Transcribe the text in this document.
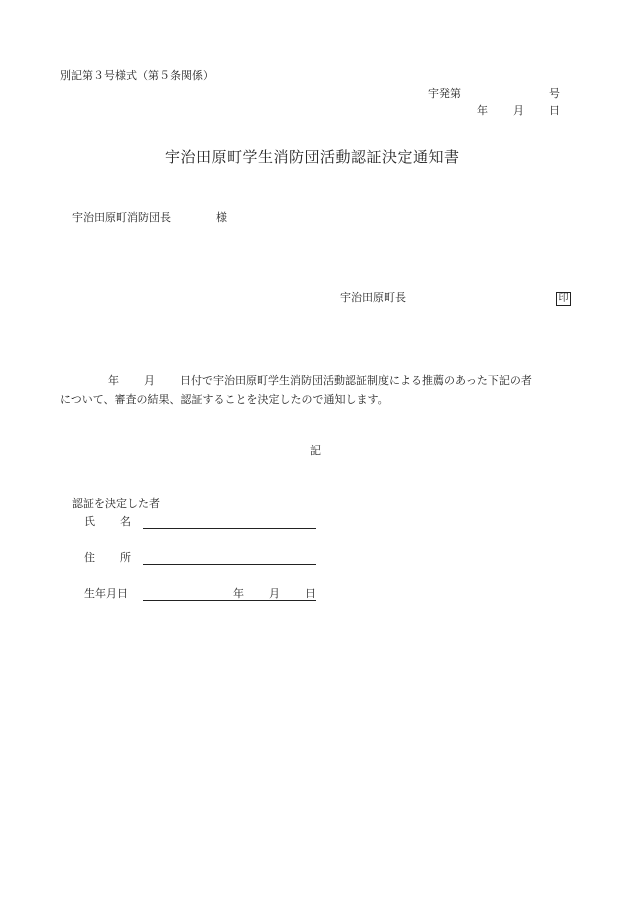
別記第３号様式（第５条関係）
宇発第	号
年 月 日
宇治田原町学生消防団活動認証決定通知書
宇治田原町消防団長	様
宇治田原町長	印
年 月 日付で宇治田原町学生消防団活動認証制度による推薦のあった下記の者
について、審査の結果、認証することを決定したので通知します。
記
認証を決定した者
氏 名
住 所
生年月日	年 月 日
